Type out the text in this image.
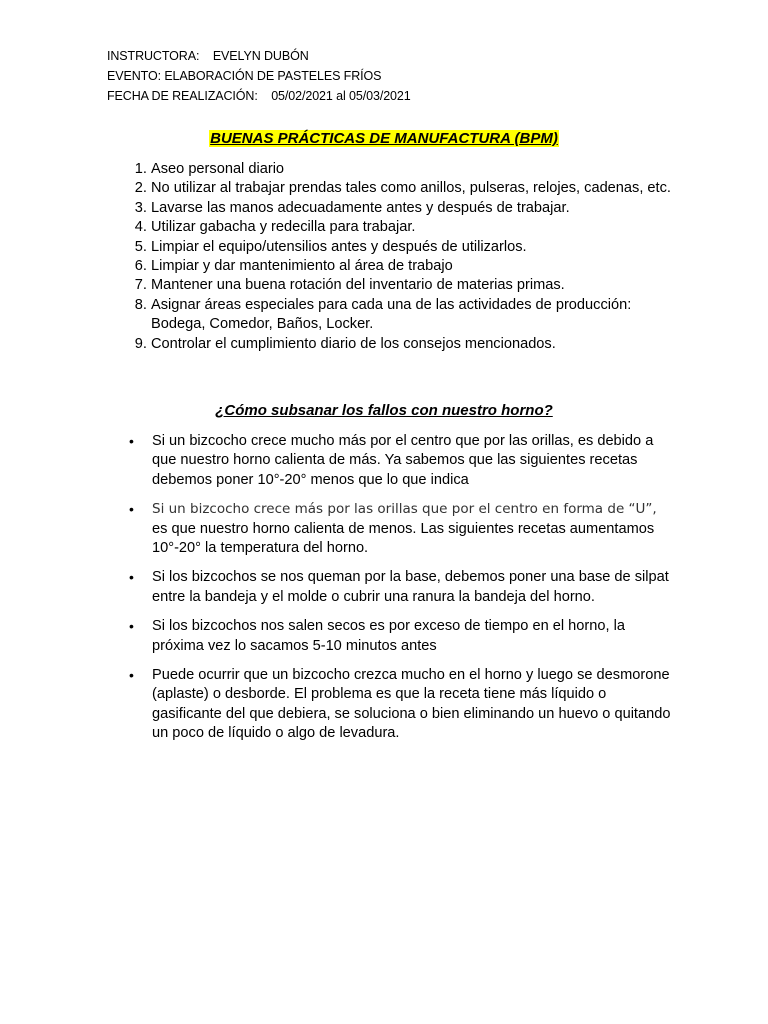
INSTRUCTORA:    EVELYN DUBÓN
EVENTO: ELABORACIÓN DE PASTELES FRÍOS
FECHA DE REALIZACIÓN:    05/02/2021 al 05/03/2021
BUENAS PRÁCTICAS DE MANUFACTURA (BPM)
1. Aseo personal diario
2. No utilizar al trabajar prendas tales como anillos, pulseras, relojes, cadenas, etc.
3. Lavarse las manos adecuadamente antes y después de trabajar.
4. Utilizar gabacha y redecilla para trabajar.
5. Limpiar el equipo/utensilios antes y después de utilizarlos.
6. Limpiar y dar mantenimiento al área de trabajo
7. Mantener una buena rotación del inventario de materias primas.
8. Asignar áreas especiales para cada una de las actividades de producción: Bodega, Comedor, Baños, Locker.
9. Controlar el cumplimiento diario de los consejos mencionados.
¿Cómo subsanar los fallos con nuestro horno?
• Si un bizcocho crece mucho más por el centro que por las orillas, es debido a que nuestro horno calienta de más. Ya sabemos que las siguientes recetas debemos poner 10°-20° menos que lo que indica
• Si un bizcocho crece más por las orillas que por el centro en forma de “U”, es que nuestro horno calienta de menos. Las siguientes recetas aumentamos 10°-20° la temperatura del horno.
• Si los bizcochos se nos queman por la base, debemos poner una base de silpat entre la bandeja y el molde o cubrir una ranura la bandeja del horno.
• Si los bizcochos nos salen secos es por exceso de tiempo en el horno, la próxima vez lo sacamos 5-10 minutos antes
• Puede ocurrir que un bizcocho crezca mucho en el horno y luego se desmorone (aplaste) o desborde. El problema es que la receta tiene más líquido o gasificante del que debiera, se soluciona o bien eliminando un huevo o quitando un poco de líquido o algo de levadura.
